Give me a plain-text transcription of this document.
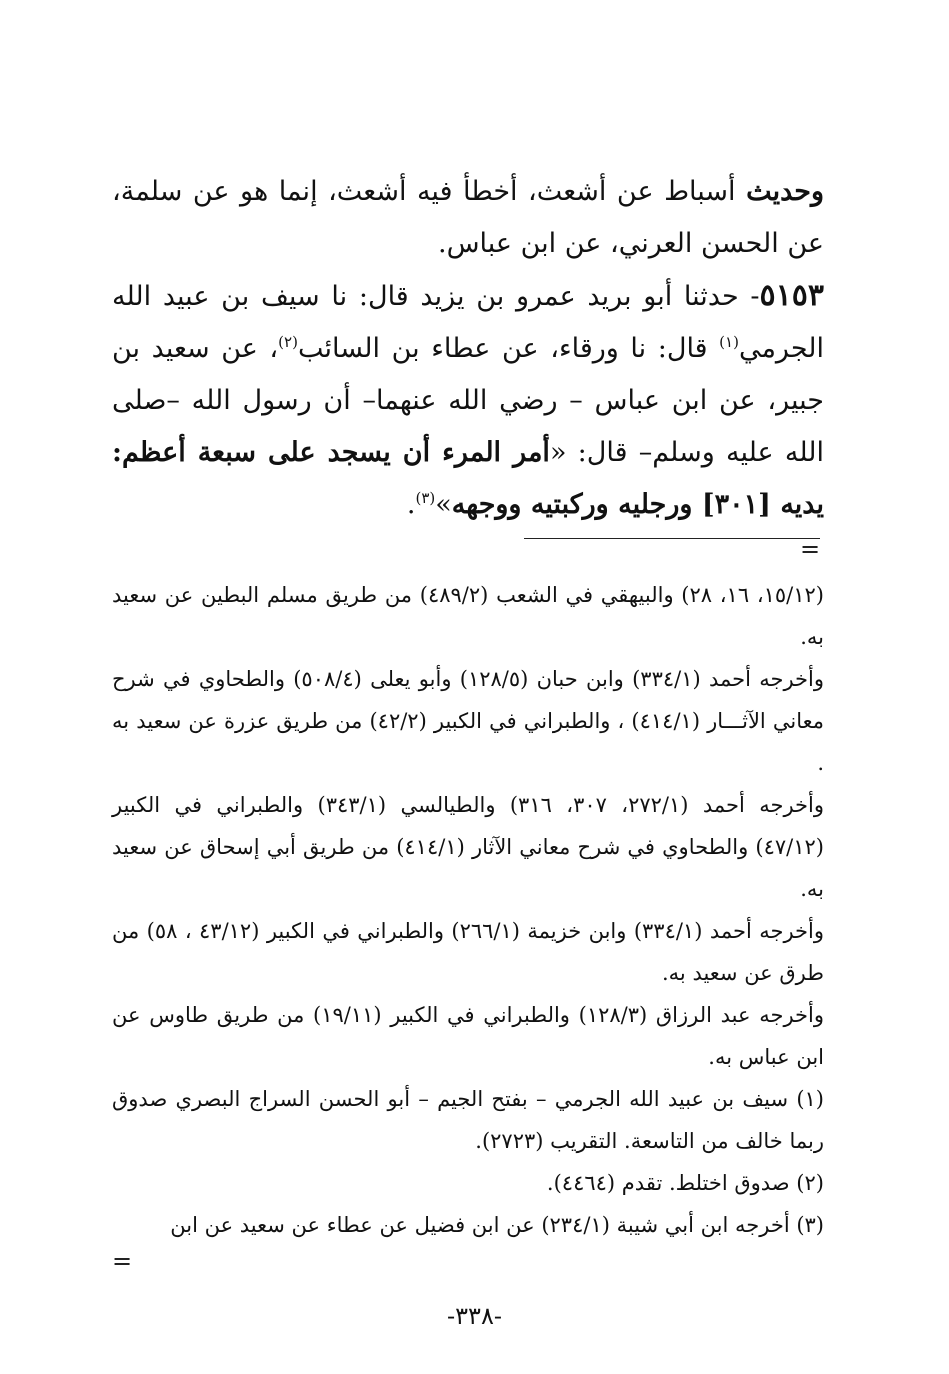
وحديث أسباط عن أشعث، أخطأ فيه أشعث، إنما هو عن سلمة، عن الحسن العرني، عن ابن عباس.

٥١٥٣- حدثنا أبو بريد عمرو بن يزيد قال: نا سيف بن عبيد الله الجرمي$^{(١)}$ قال: نا ورقاء، عن عطاء بن السائب$^{(٢)}$، عن سعيد بن جبير، عن ابن عباس – رضي الله عنهما– أن رسول الله –صلى الله عليه وسلم– قال: «أمر المرء أن يسجد على سبعة أعظم: يديه [٣٠١] ورجليه وركبتيه ووجهه»$^{(٣)}$.

=

(١٥/١٢، ١٦، ٢٨) والبيهقي في الشعب (٤٨٩/٢) من طريق مسلم البطين عن سعيد به.

وأخرجه أحمد (٣٣٤/١) وابن حبان (١٢٨/٥) وأبو يعلى (٥٠٨/٤) والطحاوي في شرح معاني الآثـــار (٤١٤/١) ، والطبراني في الكبير (٤٢/٢) من طريق عزرة عن سعيد به .

وأخرجه أحمد (٢٧٢/١، ٣٠٧، ٣١٦) والطيالسي (٣٤٣/١) والطبراني في الكبير (٤٧/١٢) والطحاوي في شرح معاني الآثار (٤١٤/١) من طريق أبي إسحاق عن سعيد به.

وأخرجه أحمد (٣٣٤/١) وابن خزيمة (٢٦٦/١) والطبراني في الكبير (٤٣/١٢ ، ٥٨) من طرق عن سعيد به.

وأخرجه عبد الرزاق (١٢٨/٣) والطبراني في الكبير (١٩/١١) من طريق طاوس عن ابن عباس به.

(١) سيف بن عبيد الله الجرمي – بفتح الجيم – أبو الحسن السراج البصري صدوق ربما خالف من التاسعة. التقريب (٢٧٢٣).

(٢) صدوق اختلط. تقدم (٤٤٦٤).

(٣) أخرجه ابن أبي شيبة (٢٣٤/١) عن ابن فضيل عن عطاء عن سعيد عن ابن

=
-٣٣٨-
